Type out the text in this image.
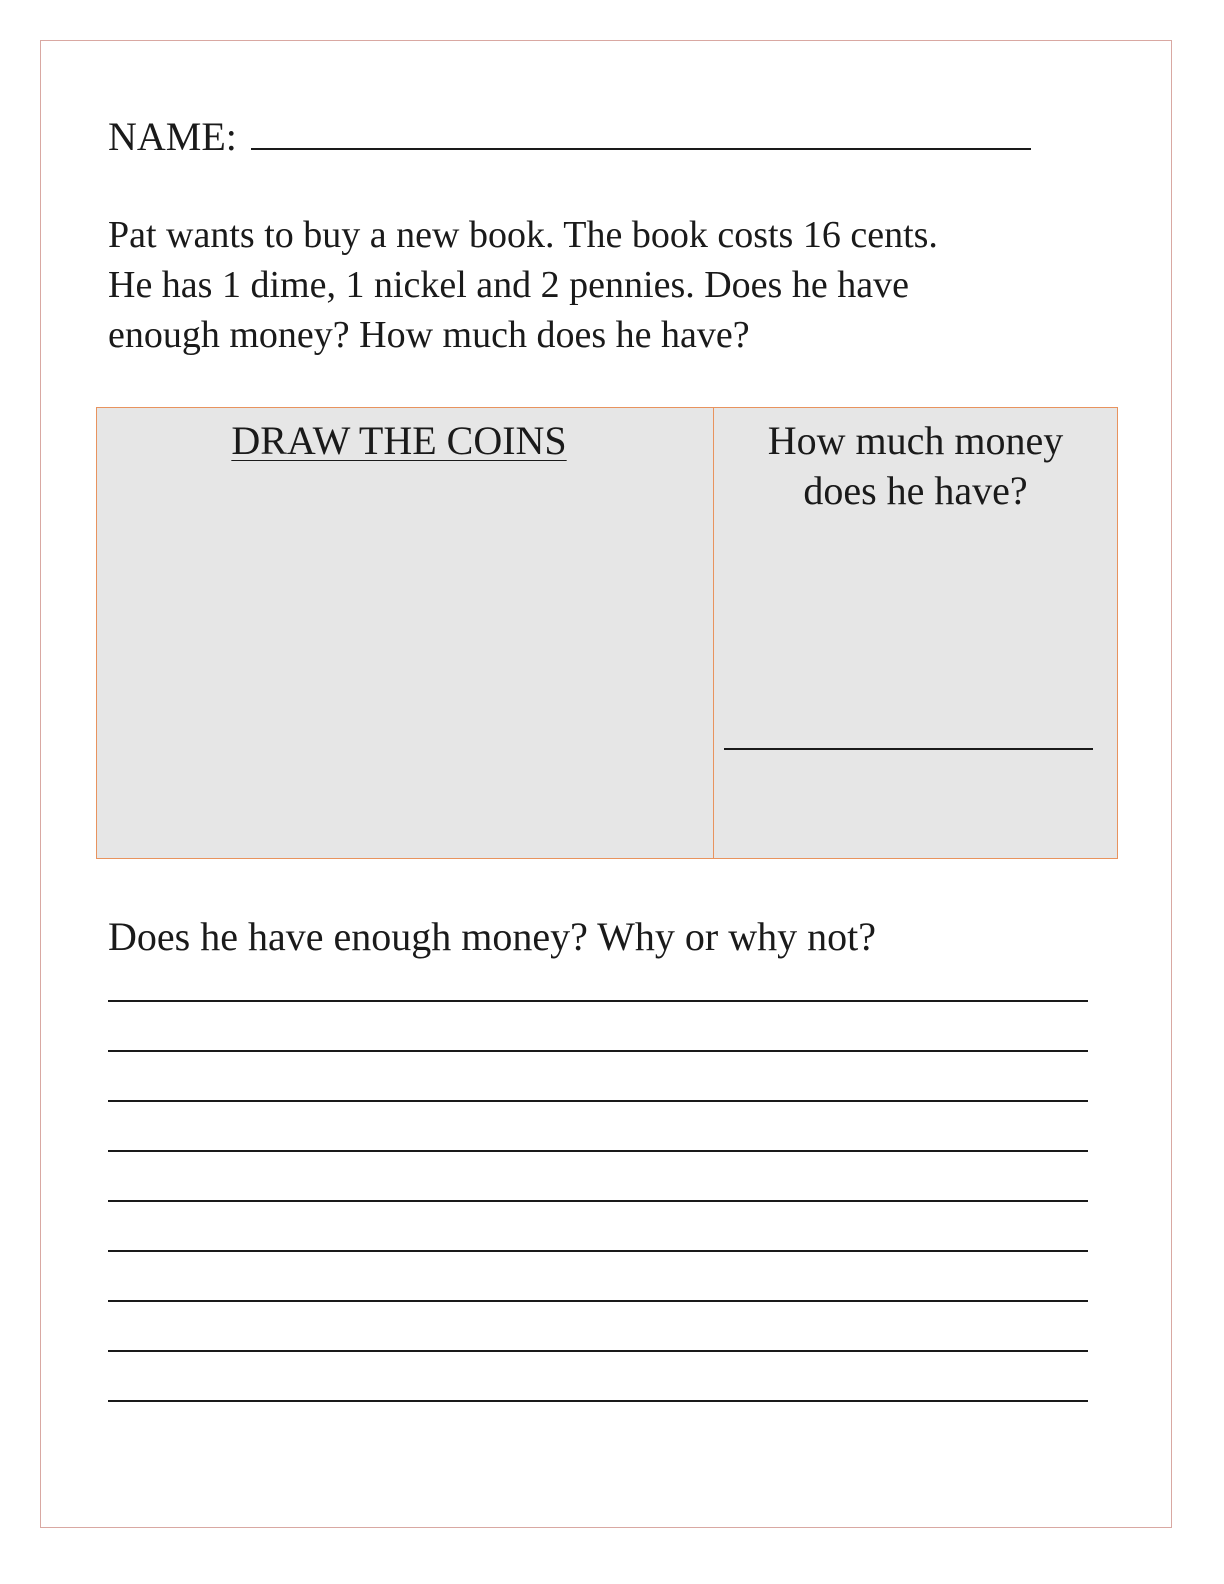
NAME:

Pat wants to buy a new book. The book costs 16 cents.

He has 1 dime, 1 nickel and 2 pennies. Does he have

enough money? How much does he have?

DRAW THE COINS	How much money
does he have?
Does he have enough money? Why or why not?
